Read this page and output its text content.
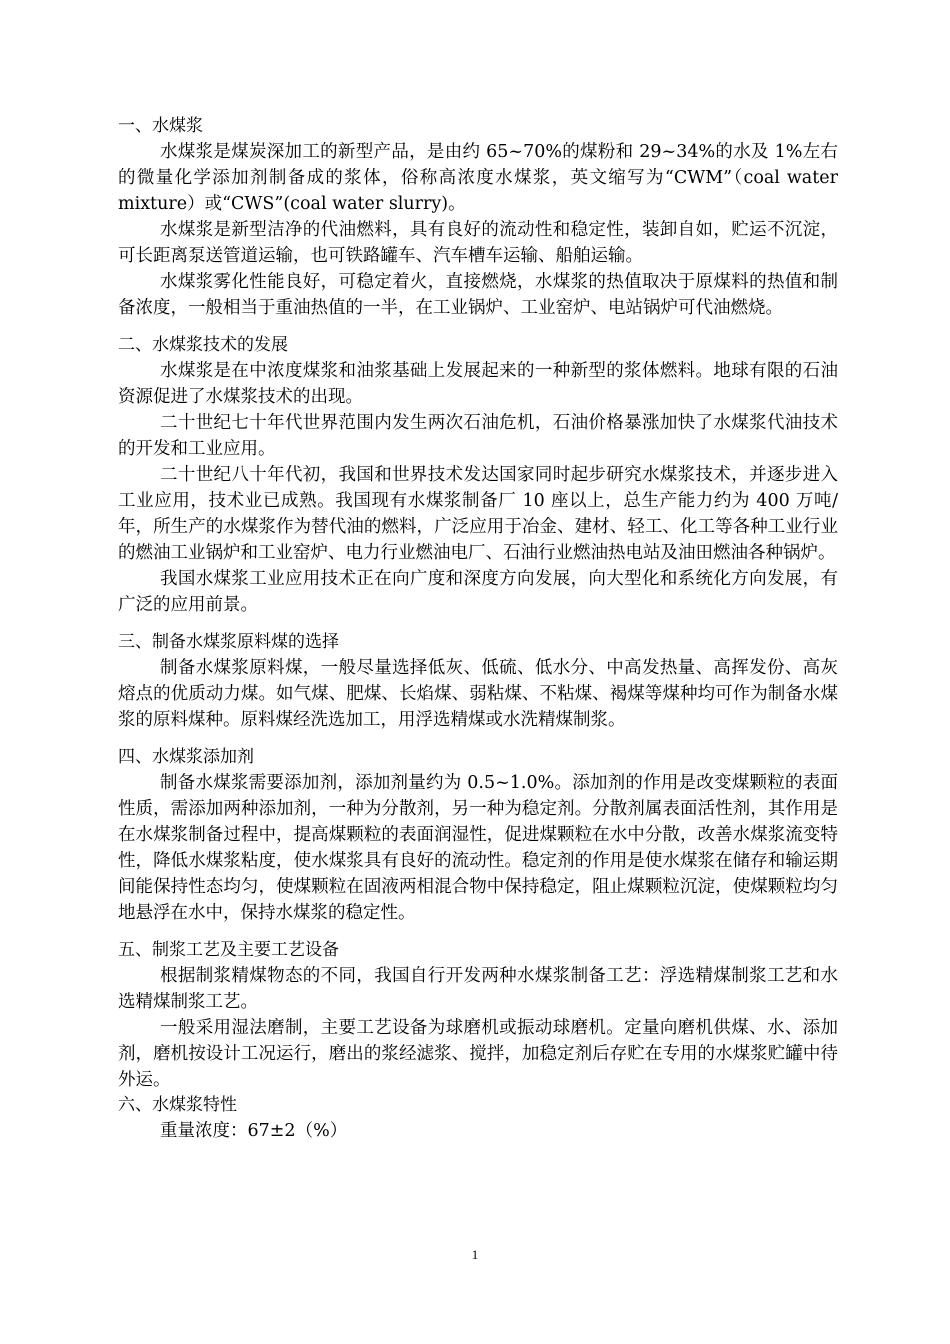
一、水煤浆

水煤浆是煤炭深加工的新型产品，是由约 65~70%的煤粉和 29~34%的水及 1%左右的微量化学添加剂制备成的浆体，俗称高浓度水煤浆，英文缩写为“CWM”（coal water mixture）或“CWS”(coal water slurry)。

水煤浆是新型洁净的代油燃料，具有良好的流动性和稳定性，装卸自如，贮运不沉淀，可长距离泵送管道运输，也可铁路罐车、汽车槽车运输、船舶运输。

水煤浆雾化性能良好，可稳定着火，直接燃烧，水煤浆的热值取决于原煤料的热值和制备浓度，一般相当于重油热值的一半，在工业锅炉、工业窑炉、电站锅炉可代油燃烧。

二、水煤浆技术的发展

水煤浆是在中浓度煤浆和油浆基础上发展起来的一种新型的浆体燃料。地球有限的石油资源促进了水煤浆技术的出现。

二十世纪七十年代世界范围内发生两次石油危机，石油价格暴涨加快了水煤浆代油技术的开发和工业应用。

二十世纪八十年代初，我国和世界技术发达国家同时起步研究水煤浆技术，并逐步进入工业应用，技术业已成熟。我国现有水煤浆制备厂 10 座以上，总生产能力约为 400 万吨/年，所生产的水煤浆作为替代油的燃料，广泛应用于冶金、建材、轻工、化工等各种工业行业的燃油工业锅炉和工业窑炉、电力行业燃油电厂、石油行业燃油热电站及油田燃油各种锅炉。

我国水煤浆工业应用技术正在向广度和深度方向发展，向大型化和系统化方向发展，有广泛的应用前景。

三、制备水煤浆原料煤的选择

制备水煤浆原料煤，一般尽量选择低灰、低硫、低水分、中高发热量、高挥发份、高灰熔点的优质动力煤。如气煤、肥煤、长焰煤、弱粘煤、不粘煤、褐煤等煤种均可作为制备水煤浆的原料煤种。原料煤经洗选加工，用浮选精煤或水洗精煤制浆。

四、水煤浆添加剂

制备水煤浆需要添加剂，添加剂量约为 0.5~1.0%。添加剂的作用是改变煤颗粒的表面性质，需添加两种添加剂，一种为分散剂，另一种为稳定剂。分散剂属表面活性剂，其作用是在水煤浆制备过程中，提高煤颗粒的表面润湿性，促进煤颗粒在水中分散，改善水煤浆流变特性，降低水煤浆粘度，使水煤浆具有良好的流动性。稳定剂的作用是使水煤浆在储存和输运期间能保持性态均匀，使煤颗粒在固液两相混合物中保持稳定，阻止煤颗粒沉淀，使煤颗粒均匀地悬浮在水中，保持水煤浆的稳定性。

五、制浆工艺及主要工艺设备

根据制浆精煤物态的不同，我国自行开发两种水煤浆制备工艺：浮选精煤制浆工艺和水选精煤制浆工艺。

一般采用湿法磨制，主要工艺设备为球磨机或振动球磨机。定量向磨机供煤、水、添加剂，磨机按设计工况运行，磨出的浆经滤浆、搅拌，加稳定剂后存贮在专用的水煤浆贮罐中待外运。

六、水煤浆特性

重量浓度：67±2（%）

1
